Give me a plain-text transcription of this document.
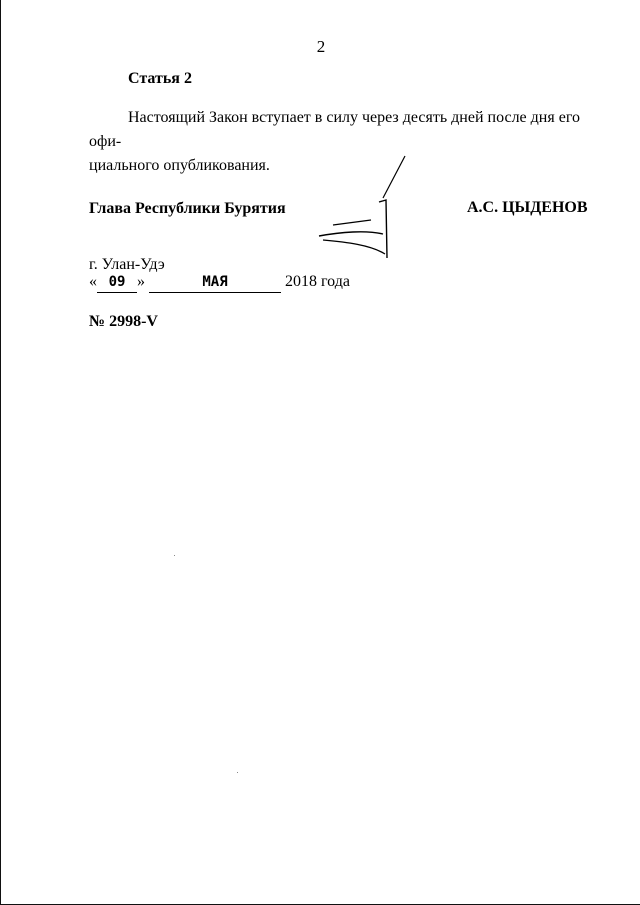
2
Статья 2
Настоящий Закон вступает в силу через десять дней после дня его офи-
циального опубликования.
Глава Республики Бурятия	А.С. ЦЫДЕНОВ
г. Улан-Удэ
« 09 »	МАЯ	2018 года
№ 2998-V
